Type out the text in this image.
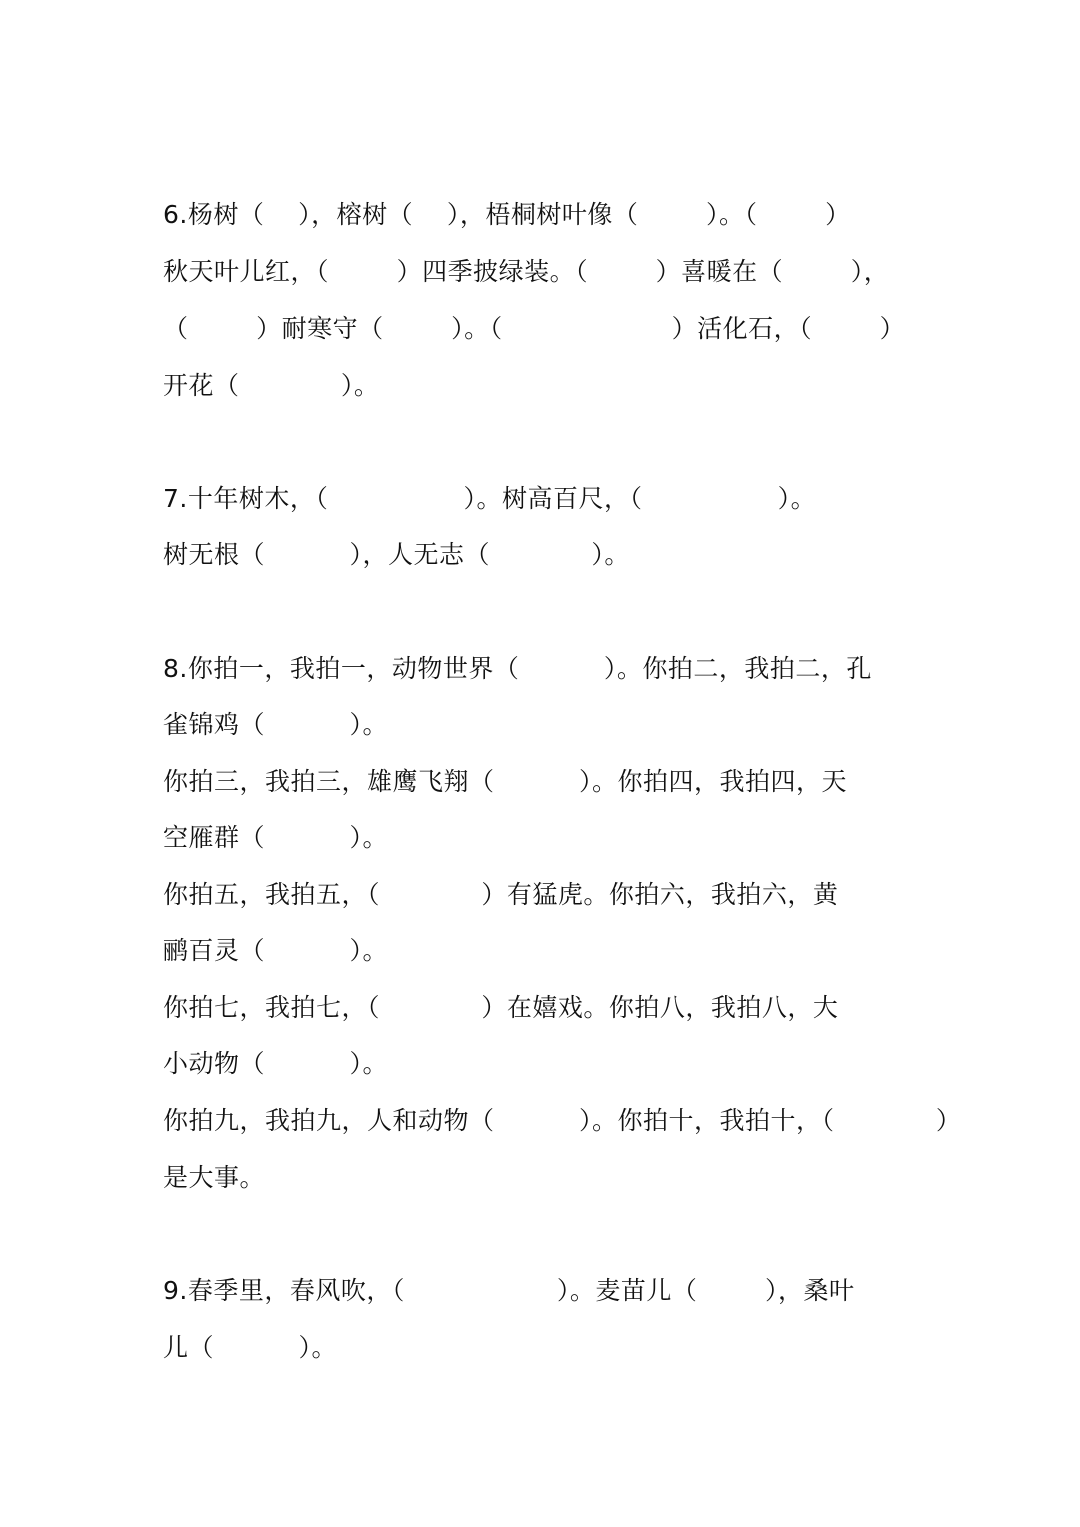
6.杨树（    ），榕树（    ），梧桐树叶像（        ）。（        ）
秋天叶儿红，（        ）四季披绿装。（        ）喜暖在（        ），
（        ）耐寒守（        ）。（                    ）活化石，（        ）
开花（            ）。
7.十年树木，（                ）。树高百尺，（                ）。
树无根（          ），人无志（            ）。
8.你拍一，我拍一，动物世界（          ）。你拍二，我拍二，孔
雀锦鸡（          ）。
你拍三，我拍三，雄鹰飞翔（          ）。你拍四，我拍四，天
空雁群（          ）。
你拍五，我拍五，（            ）有猛虎。你拍六，我拍六，黄
鹂百灵（          ）。
你拍七，我拍七，（            ）在嬉戏。你拍八，我拍八，大
小动物（          ）。
你拍九，我拍九，人和动物（          ）。你拍十，我拍十，（            ）
是大事。
9.春季里，春风吹，（                  ）。麦苗儿（        ），桑叶
儿（          ）。
